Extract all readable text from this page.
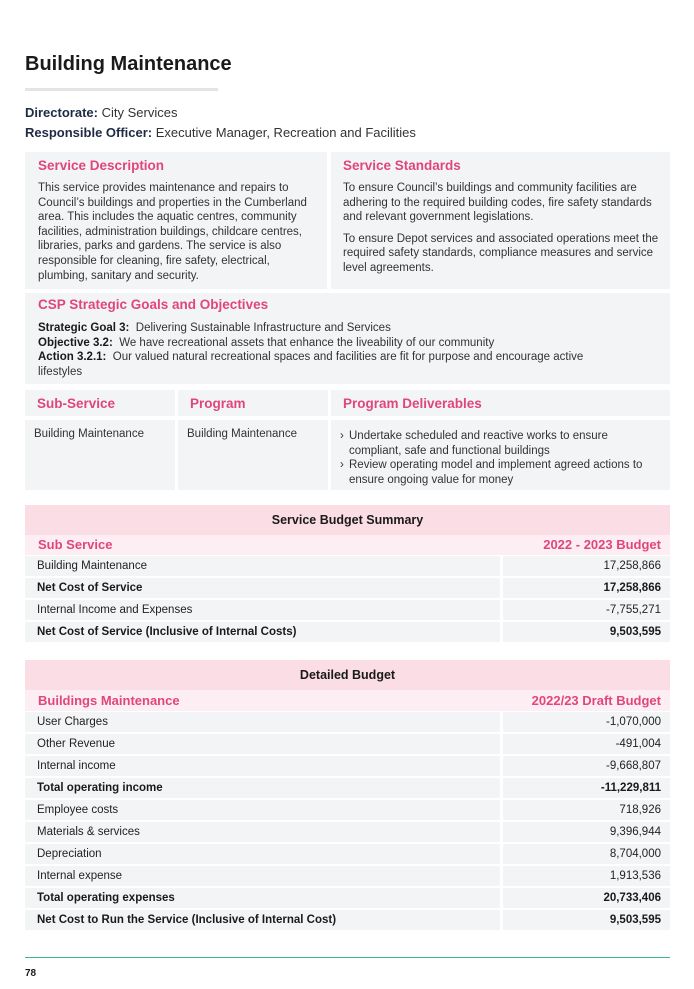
Building Maintenance
Directorate: City Services
Responsible Officer: Executive Manager, Recreation and Facilities
Service Description
This service provides maintenance and repairs to Council’s buildings and properties in the Cumberland area. This includes the aquatic centres, community facilities, administration buildings, childcare centres, libraries, parks and gardens. The service is also responsible for cleaning, fire safety, electrical, plumbing, sanitary and security.
Service Standards

To ensure Council’s buildings and community facilities are adhering to the required building codes, fire safety standards and relevant government legislations.

To ensure Depot services and associated operations meet the required safety standards, compliance measures and service level agreements.

CSP Strategic Goals and Objectives
Strategic Goal 3: Delivering Sustainable Infrastructure and Services
Objective 3.2: We have recreational assets that enhance the liveability of our community
Action 3.2.1: Our valued natural recreational spaces and facilities are fit for purpose and encourage active lifestyles
Sub-Service	Program	Program Deliverables
Building Maintenance	Building Maintenance	› Undertake scheduled and reactive works to ensure compliant, safe and functional buildings
› Review operating model and implement agreed actions to ensure ongoing value for money
Service Budget Summary
Sub Service	2022 - 2023 Budget
Building Maintenance	17,258,866
Net Cost of Service	17,258,866
Internal Income and Expenses	-7,755,271
Net Cost of Service (Inclusive of Internal Costs)	9,503,595
Detailed Budget
Buildings Maintenance	2022/23 Draft Budget
User Charges	-1,070,000
Other Revenue	-491,004
Internal income	-9,668,807
Total operating income	-11,229,811
Employee costs	718,926
Materials & services	9,396,944
Depreciation	8,704,000
Internal expense	1,913,536
Total operating expenses	20,733,406
Net Cost to Run the Service (Inclusive of Internal Cost)	9,503,595
78
